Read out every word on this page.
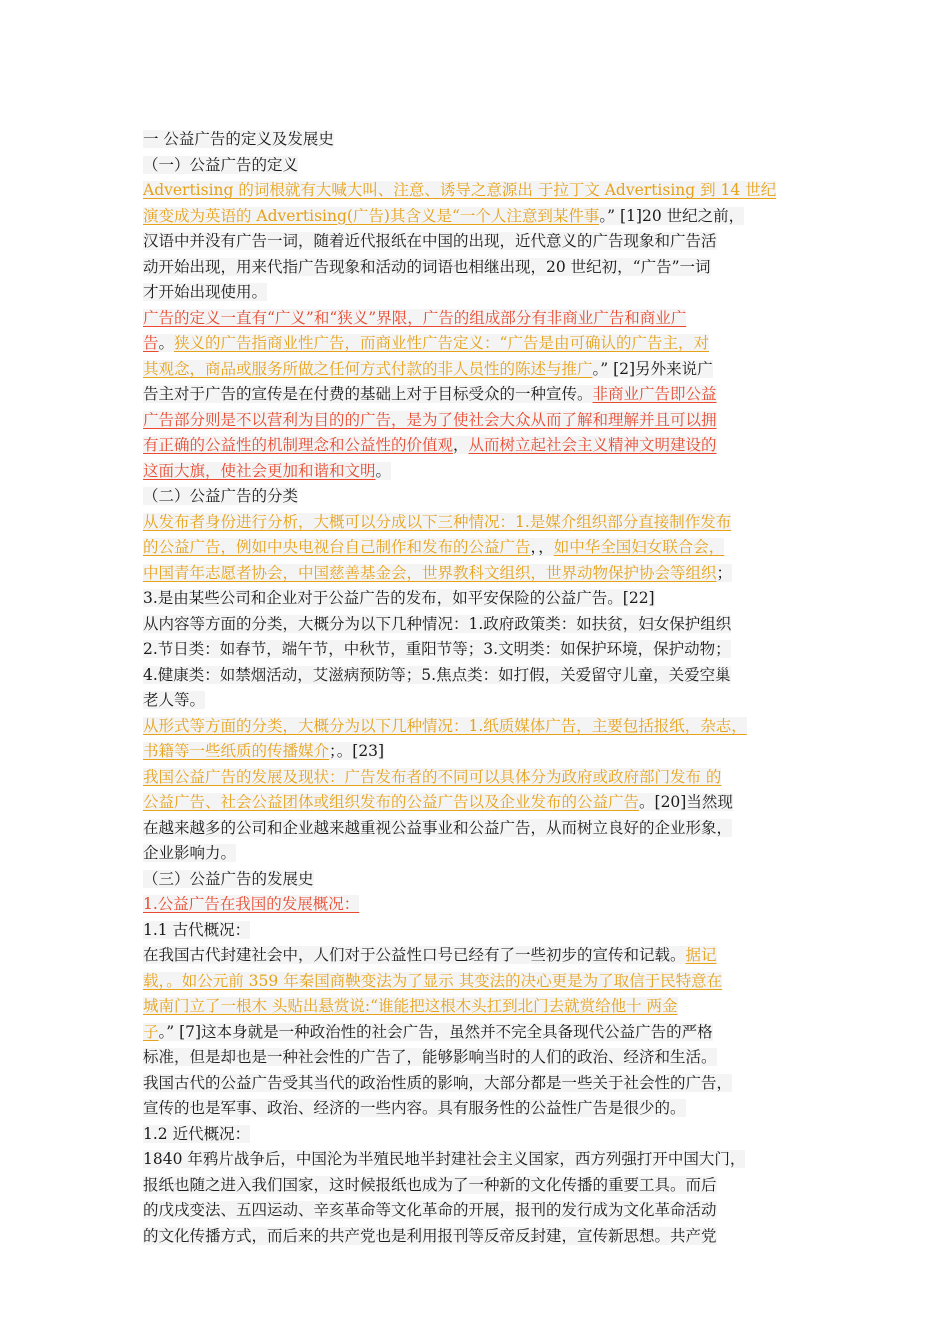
一 公益广告的定义及发展史
（一）公益广告的定义
Advertising 的词根就有大喊大叫、注意、诱导之意源出 于拉丁文 Advertising 到 14 世纪
演变成为英语的 Advertising(广告)其含义是“一个人注意到某件事。” [1]20 世纪之前，
汉语中并没有广告一词，随着近代报纸在中国的出现，近代意义的广告现象和广告活
动开始出现，用来代指广告现象和活动的词语也相继出现，20 世纪初，“广告”一词
才开始出现使用。
广告的定义一直有“广义”和“狭义”界限，广告的组成部分有非商业广告和商业广
告。狭义的广告指商业性广告，而商业性广告定义：“广告是由可确认的广告主，对
其观念，商品或服务所做之任何方式付款的非人员性的陈述与推广。” [2]另外来说广
告主对于广告的宣传是在付费的基础上对于目标受众的一种宣传。非商业广告即公益
广告部分则是不以营利为目的的广告，是为了使社会大众从而了解和理解并且可以拥
有正确的公益性的机制理念和公益性的价值观，从而树立起社会主义精神文明建设的
这面大旗，使社会更加和谐和文明。
（二）公益广告的分类
从发布者身份进行分析，大概可以分成以下三种情况：1.是媒介组织部分直接制作发布
的公益广告，例如中央电视台自己制作和发布的公益广告，，如中华全国妇女联合会，
中国青年志愿者协会，中国慈善基金会，世界教科文组织，世界动物保护协会等组织；
3.是由某些公司和企业对于公益广告的发布，如平安保险的公益广告。[22]
从内容等方面的分类，大概分为以下几种情况：1.政府政策类：如扶贫，妇女保护组织
2.节日类：如春节，端午节，中秋节，重阳节等；3.文明类：如保护环境，保护动物；
4.健康类：如禁烟活动，艾滋病预防等；5.焦点类：如打假，关爱留守儿童，关爱空巢
老人等。
从形式等方面的分类，大概分为以下几种情况：1.纸质媒体广告，主要包括报纸，杂志，
书籍等一些纸质的传播媒介；。[23]
我国公益广告的发展及现状：广告发布者的不同可以具体分为政府或政府部门发布 的
公益广告、社会公益团体或组织发布的公益广告以及企业发布的公益广告。[20]当然现
在越来越多的公司和企业越来越重视公益事业和公益广告，从而树立良好的企业形象，
企业影响力。
（三）公益广告的发展史
1.公益广告在我国的发展概况：
1.1 古代概况：
在我国古代封建社会中，人们对于公益性口号已经有了一些初步的宣传和记载。据记
载，。如公元前 359 年秦国商鞅变法为了显示 其变法的决心更是为了取信于民特意在
城南门立了一根木 头贴出悬赏说:“谁能把这根木头扛到北门去就赏给他十 两金
子。” [7]这本身就是一种政治性的社会广告，虽然并不完全具备现代公益广告的严格
标准，但是却也是一种社会性的广告了，能够影响当时的人们的政治、经济和生活。
我国古代的公益广告受其当代的政治性质的影响，大部分都是一些关于社会性的广告，
宣传的也是军事、政治、经济的一些内容。具有服务性的公益性广告是很少的。
1.2 近代概况：
1840 年鸦片战争后，中国沦为半殖民地半封建社会主义国家，西方列强打开中国大门，
报纸也随之进入我们国家，这时候报纸也成为了一种新的文化传播的重要工具。而后
的戊戌变法、五四运动、辛亥革命等文化革命的开展，报刊的发行成为文化革命活动
的文化传播方式，而后来的共产党也是利用报刊等反帝反封建，宣传新思想。共产党
